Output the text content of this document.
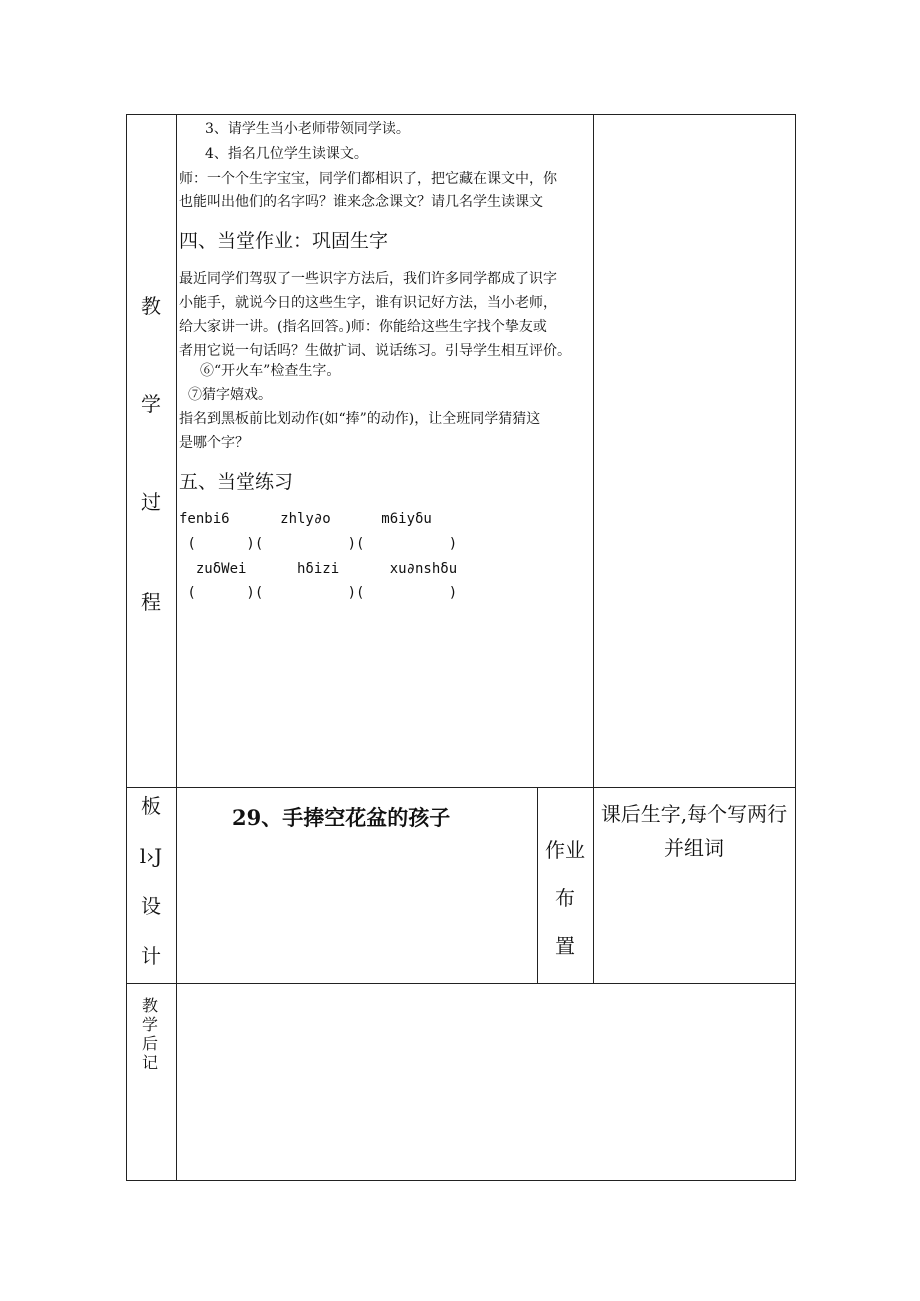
教
学
过
程
3、请学生当小老师带领同学读。
4、指名几位学生读课文。
师：一个个生字宝宝，同学们都相识了，把它藏在课文中，你
也能叫出他们的名字吗？谁来念念课文？请几名学生读课文
四、当堂作业：巩固生字
最近同学们驾驭了一些识字方法后，我们许多同学都成了识字
小能手，就说今日的这些生字，谁有识记好方法，当小老师，
给大家讲一讲。(指名回答。)师：你能给这些生字找个挚友或
者用它说一句话吗？生做扩词、说话练习。引导学生相互评价。
⑥“开火车”检查生字。
⑦猜字嬉戏。
指名到黑板前比划动作(如“捧”的动作)，让全班同学猜猜这
是哪个字？
五、当堂练习
fenbi6      zhly∂o      m6iyδu
(      )(          )(          )
zuδWei      hδizi      xu∂nshδu
(      )(          )(          )
板
l›J
设
计
29、手捧空花盆的孩子
作业
布
置
课后生字,每个写两行并组词
教学后记
